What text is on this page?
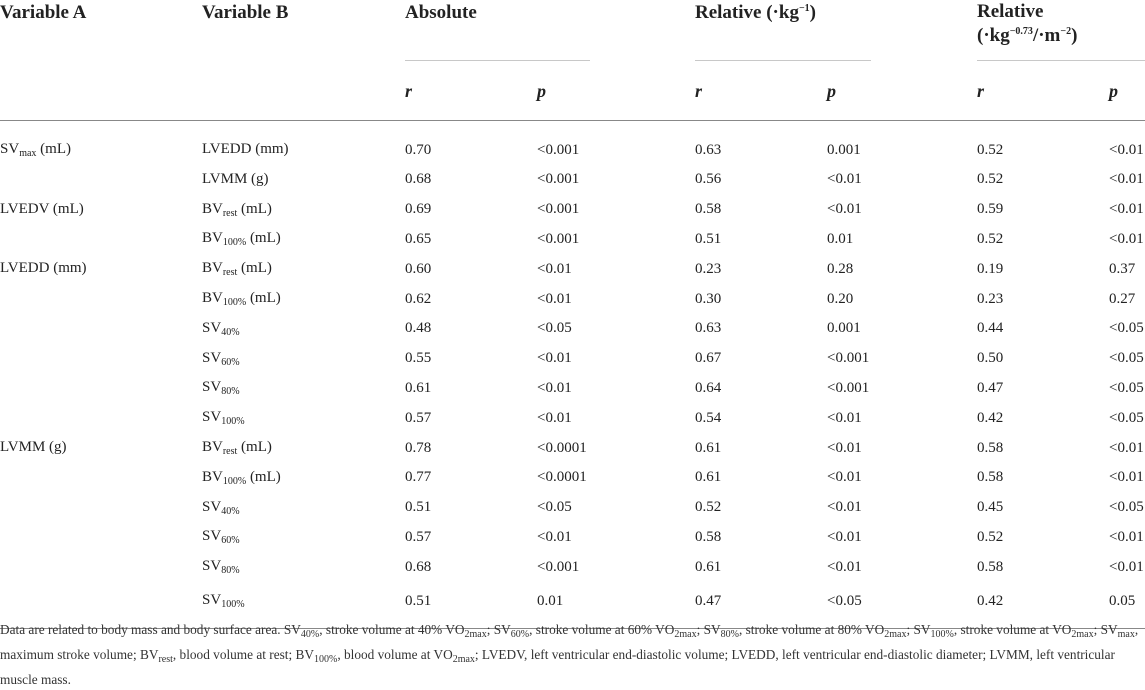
Variable A	Variable B	Absolute		Relative $(\cdot kg^{-1})$		Relative
$(\cdot kg^{-0.73}/\cdot m^{-2})$	

		r	p	r	p	r	p
$SV_{max}$ (mL)	LVEDD (mm)	0.70	<0.001	0.63	0.001	0.52	<0.01
	LVMM (g)	0.68	<0.001	0.56	<0.01	0.52	<0.01
LVEDV (mL)	$BV_{rest}$ (mL)	0.69	<0.001	0.58	<0.01	0.59	<0.01
	$BV_{100\%}$ (mL)	0.65	<0.001	0.51	0.01	0.52	<0.01
LVEDD (mm)	$BV_{rest}$ (mL)	0.60	<0.01	0.23	0.28	0.19	0.37
	$BV_{100\%}$ (mL)	0.62	<0.01	0.30	0.20	0.23	0.27
	$SV_{40\%}$	0.48	<0.05	0.63	0.001	0.44	<0.05
	$SV_{60\%}$	0.55	<0.01	0.67	<0.001	0.50	<0.05
	$SV_{80\%}$	0.61	<0.01	0.64	<0.001	0.47	<0.05
	$SV_{100\%}$	0.57	<0.01	0.54	<0.01	0.42	<0.05
LVMM (g)	$BV_{rest}$ (mL)	0.78	<0.0001	0.61	<0.01	0.58	<0.01
	$BV_{100\%}$ (mL)	0.77	<0.0001	0.61	<0.01	0.58	<0.01
	$SV_{40\%}$	0.51	<0.05	0.52	<0.01	0.45	<0.05
	$SV_{60\%}$	0.57	<0.01	0.58	<0.01	0.52	<0.01
	$SV_{80\%}$	0.68	<0.001	0.61	<0.01	0.58	<0.01
	$SV_{100\%}$	0.51	0.01	0.47	<0.05	0.42	0.05
Data are related to body mass and body surface area. $SV_{40\%}$, stroke volume at 40% $VO_{2max}$; $SV_{60\%}$, stroke volume at 60% $VO_{2max}$; $SV_{80\%}$, stroke volume at 80% $VO_{2max}$; $SV_{100\%}$, stroke volume at $VO_{2max}$; $SV_{max}$, maximum stroke volume; $BV_{rest}$, blood volume at rest; $BV_{100\%}$, blood volume at $VO_{2max}$; LVEDV, left ventricular end-diastolic volume; LVEDD, left ventricular end-diastolic diameter; LVMM, left ventricular muscle mass.
